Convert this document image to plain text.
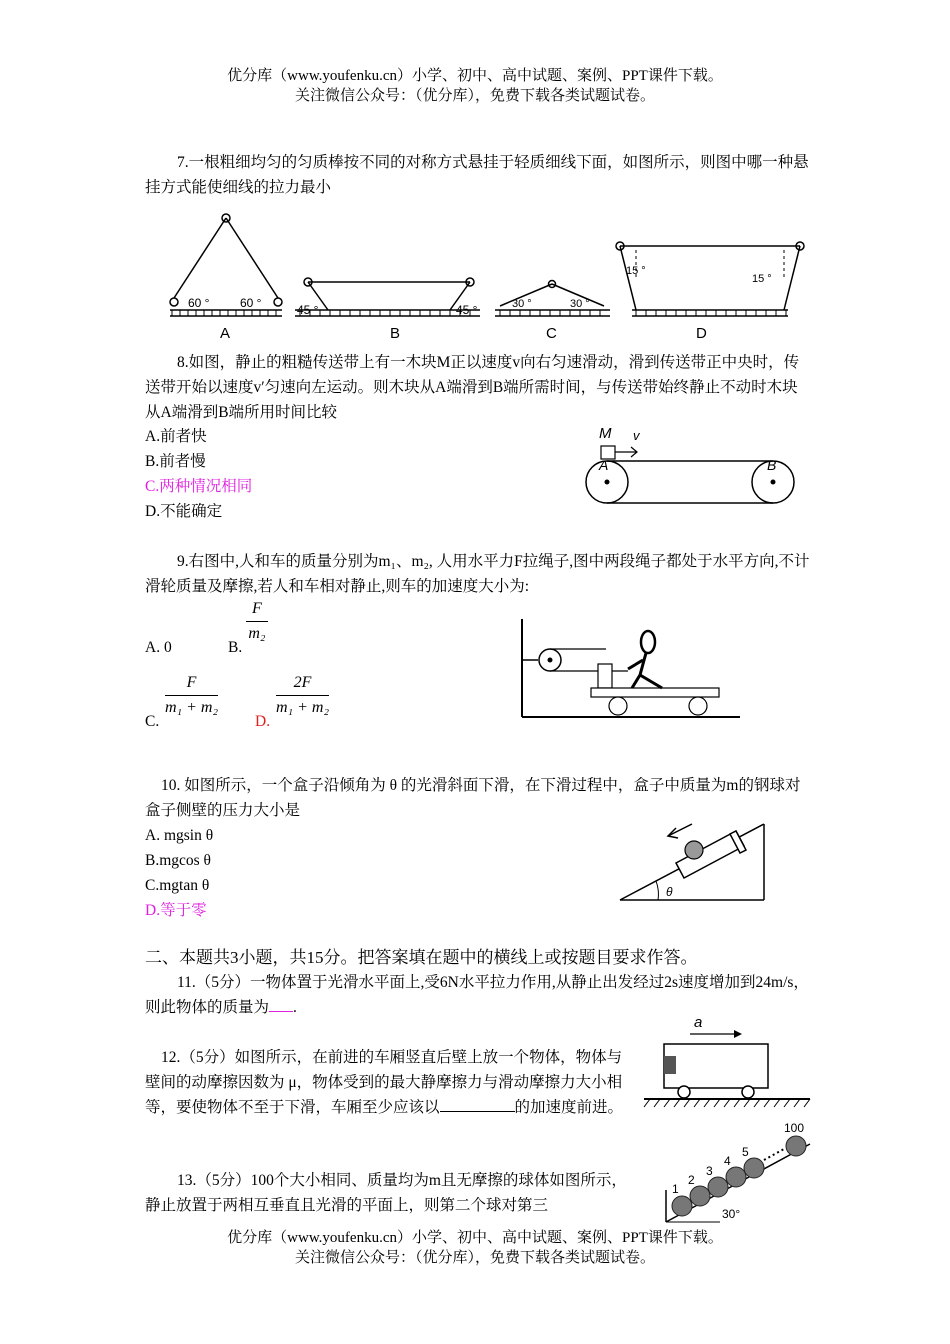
优分库（www.youfenku.cn）小学、初中、高中试题、案例、PPT课件下载。
关注微信公众号：（优分库），免费下载各类试题试卷。
7.一根粗细均匀的匀质棒按不同的对称方式悬挂于轻质细线下面，如图所示，则图中哪一种悬挂方式能使细线的拉力最小
60 °	60 °
A
45 °	45 °
B
30 °	30 °
C
15 °
15 °
D
8.如图，静止的粗糙传送带上有一木块M正以速度v向右匀速滑动，滑到传送带正中央时，传送带开始以速度v′匀速向左运动。则木块从A端滑到B端所需时间，与传送带始终静止不动时木块从A端滑到B端所用时间比较
A.前者快
B.前者慢
C.两种情况相同
D.不能确定
M v
A	B
9.右图中,人和车的质量分别为m₁、m₂, 人用水平力F拉绳子,图中两段绳子都处于水平方向,不计滑轮质量及摩擦,若人和车相对静止,则车的加速度大小为:
A. 0	B.
$\frac{F}{\text{m₂}}$
C.
$\frac{F}{\text{m₁ + m₂}}$
D.
$\frac{2F}{\text{m₁ + m₂}}$
10. 如图所示，一个盒子沿倾角为 θ 的光滑斜面下滑，在下滑过程中，盒子中质量为m的钢球对盒子侧壁的压力大小是
A. mgsin θ
B.mgcos θ
C.mgtan θ
D.等于零
θ
二、本题共3小题，共15分。把答案填在题中的横线上或按题目要求作答。
11.（5分）一物体置于光滑水平面上,受6N水平拉力作用,从静止出发经过2s速度增加到24m/s，则此物体的质量为 .
12.（5分）如图所示，在前进的车厢竖直后壁上放一个物体，物体与壁间的动摩擦因数为 μ，物体受到的最大静摩擦力与滑动摩擦力大小相等，要使物体不至于下滑，车厢至少应该以	的加速度前进。
a
13.（5分）100个大小相同、质量均为m且无摩擦的球体如图所示，静止放置于两相互垂直且光滑的平面上，则第二个球对第三
1
2
3
4
5
100
30°
优分库（www.youfenku.cn）小学、初中、高中试题、案例、PPT课件下载。
关注微信公众号：（优分库），免费下载各类试题试卷。
